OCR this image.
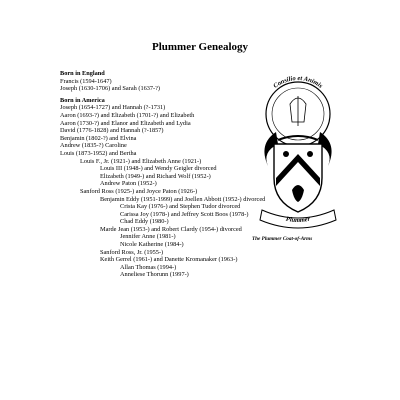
Plummer Genealogy
Born in England
Francis (1594-1647)
Joseph (1630-1706) and Sarah (1637-?)
Born in America
Joseph (1654-1727) and Hannah (?-1731)
Aaron (1693-?) and Elizabeth (1701-?) and Elizabeth
Aaron (1730-?) and Elanor and Elizabeth and Lydia
David (1776-1828) and Hannah (?-1857)
Benjamin (1802-?) and Elvina
Andrew (1835-?) Caroline
Louis (1873-1952) and Bertha
Louis F., Jr. (1921-) and Elizabeth Anne (1921-)
Louis III (1948-) and Wendy Geigler divorced
Elizabeth (1949-) and Richard Wolf (1952-)
Andrew Paton (1952-)
Sanford Ross (1925-) and Joyce Paton (1926-)
Benjamin Eddy (1951-1999) and Joellen Abbott (1952-) divorced
Crista Kay (1976-) and Stephen Tudor divorced
Carissa Joy (1978-) and Jeffrey Scott Boos (1978-)
Chad Eddy (1980-)
Marde Jean (1953-) and Robert Clardy (1954-) divorced
Jennifer Anne (1981-)
Nicole Katherine (1984-)
Sanford Ross, Jr. (1955-)
Keith Gerrel (1961-) and Danette Kromanaker (1963-)
Allan Thomas (1994-)
Anneliese Thorunn (1997-)
Consilio et Animis
Plummer
The Plummer Coat-of-Arms
